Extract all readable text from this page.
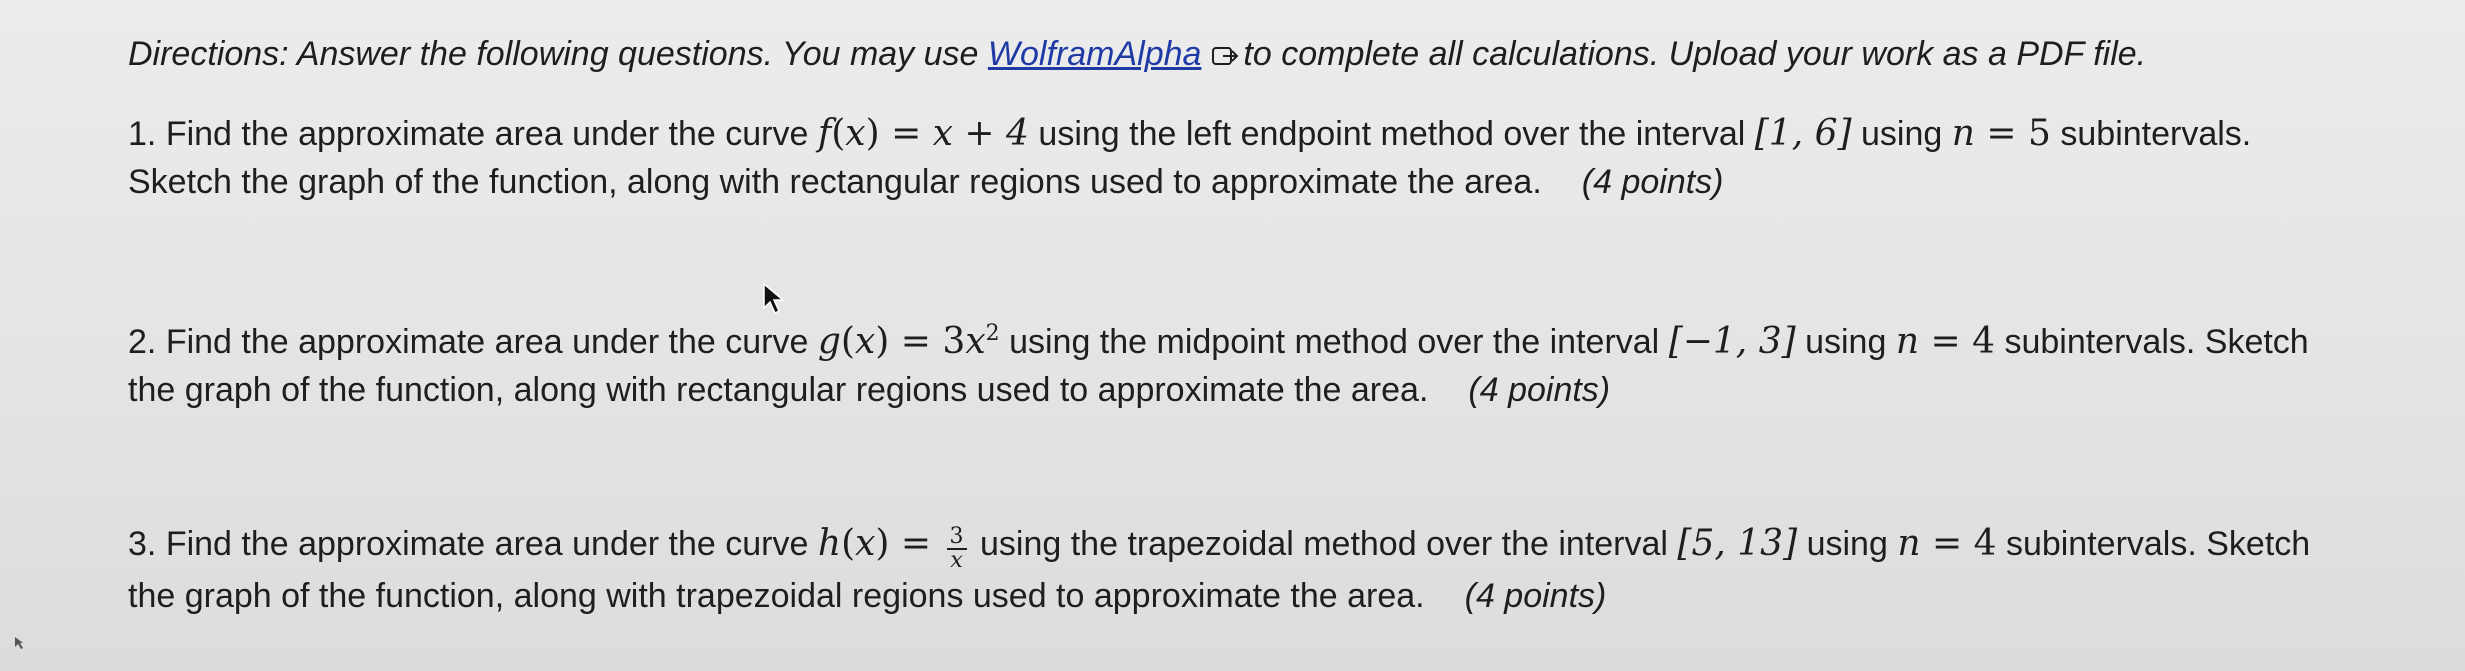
Directions: Answer the following questions. You may use WolframAlpha to complete all calculations. Upload your work as a PDF file.

1. Find the approximate area under the curve f(x) = x + 4 using the left endpoint method over the interval [1, 6] using n = 5 subintervals. Sketch the graph of the function, along with rectangular regions used to approximate the area. (4 points)

2. Find the approximate area under the curve $g(x) = 3x^2$ using the midpoint method over the interval [−1, 3] using n = 4 subintervals. Sketch the graph of the function, along with rectangular regions used to approximate the area. (4 points)

3. Find the approximate area under the curve $h(x) = \frac{3}{x}$ using the trapezoidal method over the interval [5, 13] using n = 4 subintervals. Sketch the graph of the function, along with trapezoidal regions used to approximate the area. (4 points)
